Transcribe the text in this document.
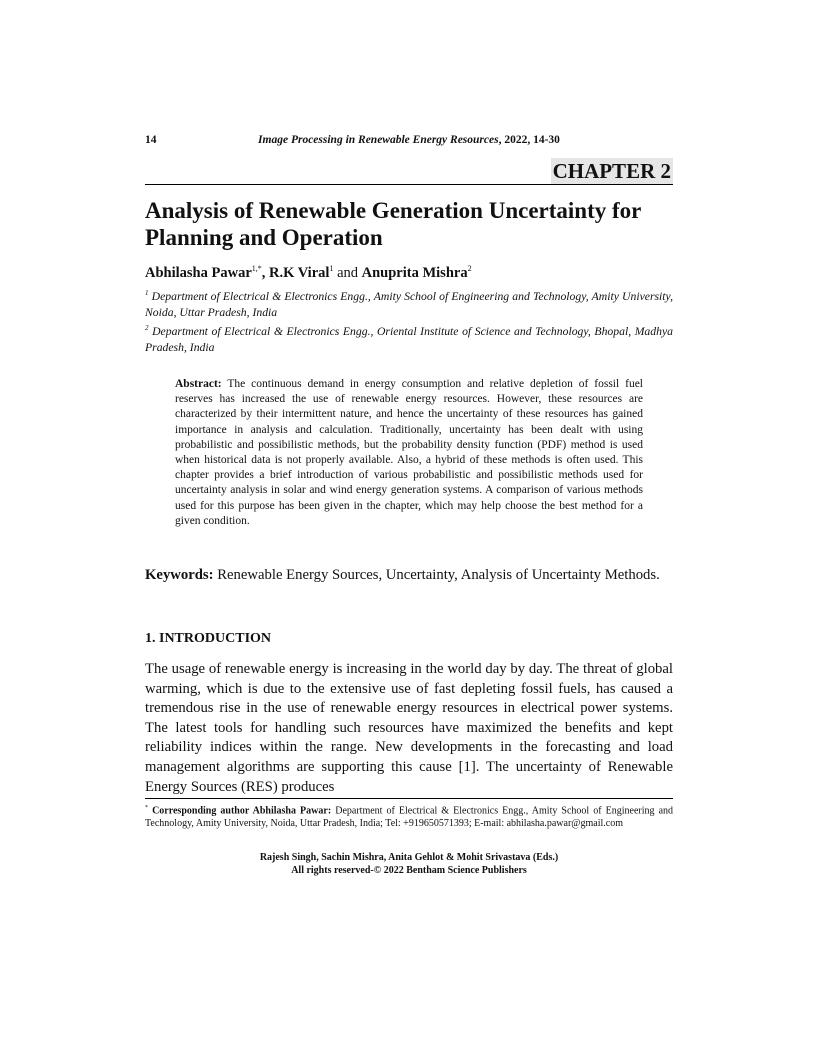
14	Image Processing in Renewable Energy Resources, 2022, 14-30
CHAPTER 2
Analysis of Renewable Generation Uncertainty for Planning and Operation
Abhilasha Pawar$^{1,*}$, R.K Viral$^1$ and Anuprita Mishra$^2$
$^1$ Department of Electrical & Electronics Engg., Amity School of Engineering and Technology, Amity University, Noida, Uttar Pradesh, India
$^2$ Department of Electrical & Electronics Engg., Oriental Institute of Science and Technology, Bhopal, Madhya Pradesh, India
Abstract: The continuous demand in energy consumption and relative depletion of fossil fuel reserves has increased the use of renewable energy resources. However, these resources are characterized by their intermittent nature, and hence the uncertainty of these resources has gained importance in analysis and calculation. Traditionally, uncertainty has been dealt with using probabilistic and possibilistic methods, but the probability density function (PDF) method is used when historical data is not properly available. Also, a hybrid of these methods is often used. This chapter provides a brief introduction of various probabilistic and possibilistic methods used for uncertainty analysis in solar and wind energy generation systems. A comparison of various methods used for this purpose has been given in the chapter, which may help choose the best method for a given condition.
Keywords: Renewable Energy Sources, Uncertainty, Analysis of Uncertainty Methods.
1. INTRODUCTION
The usage of renewable energy is increasing in the world day by day. The threat of global warming, which is due to the extensive use of fast depleting fossil fuels, has caused a tremendous rise in the use of renewable energy resources in electrical power systems. The latest tools for handling such resources have maximized the benefits and kept reliability indices within the range. New developments in the forecasting and load management algorithms are supporting this cause [1]. The uncertainty of Renewable Energy Sources (RES) produces
* Corresponding author Abhilasha Pawar: Department of Electrical & Electronics Engg., Amity School of Engineering and Technology, Amity University, Noida, Uttar Pradesh, India; Tel: +919650571393; E-mail: abhilasha.pawar@gmail.com
Rajesh Singh, Sachin Mishra, Anita Gehlot & Mohit Srivastava (Eds.)
All rights reserved-© 2022 Bentham Science Publishers
